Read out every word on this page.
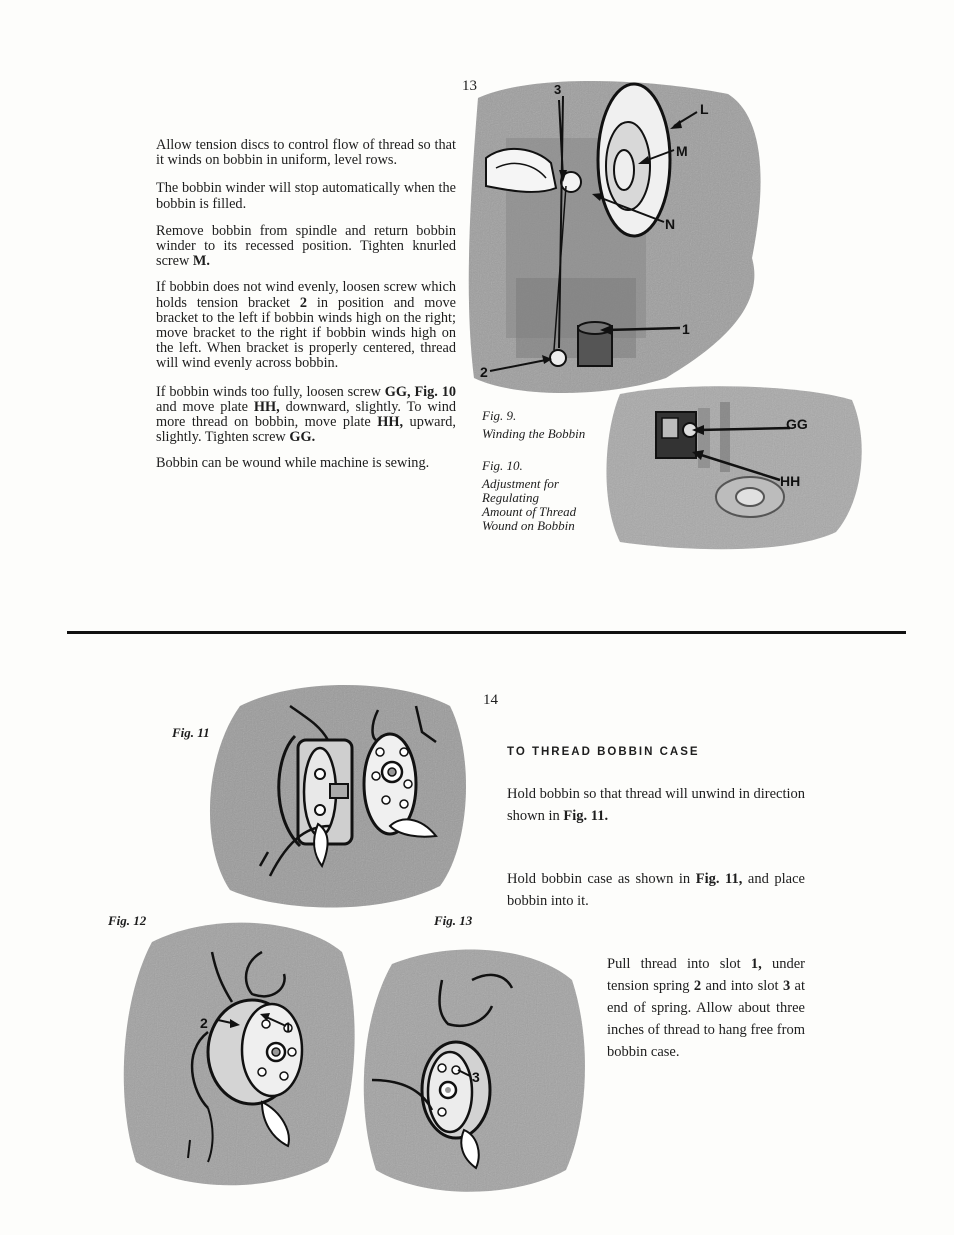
13

Allow tension discs to control flow of thread so that it winds on bobbin in uniform, level rows.

The bobbin winder will stop automatically when the bobbin is filled.

Remove bobbin from spindle and return bobbin winder to its recessed position. Tighten knurled screw M.

If bobbin does not wind evenly, loosen screw which holds tension bracket 2 in position and move bracket to the left if bobbin winds high on the right; move bracket to the right if bobbin winds high on the left. When bracket is properly centered, thread will wind evenly across bobbin.

If bobbin winds too fully, loosen screw GG, Fig. 10 and move plate HH, downward, slightly. To wind more thread on bobbin, move plate HH, upward, slightly. Tighten screw GG.

Bobbin can be wound while machine is sewing.

3
L
M
N
1
2
Fig. 9.
Winding the Bobbin
GG
HH
Fig. 10.
Adjustment for
Regulating
Amount of Thread
Wound on Bobbin
14
TO THREAD BOBBIN CASE

Hold bobbin so that thread will unwind in direction shown in Fig. 11.

Hold bobbin case as shown in Fig. 11, and place bobbin into it.

Pull thread into slot 1, under tension spring 2 and into slot 3 at end of spring. Allow about three inches of thread to hang free from bobbin case.

Fig. 11
Fig. 12	Fig. 13
2	1
3
